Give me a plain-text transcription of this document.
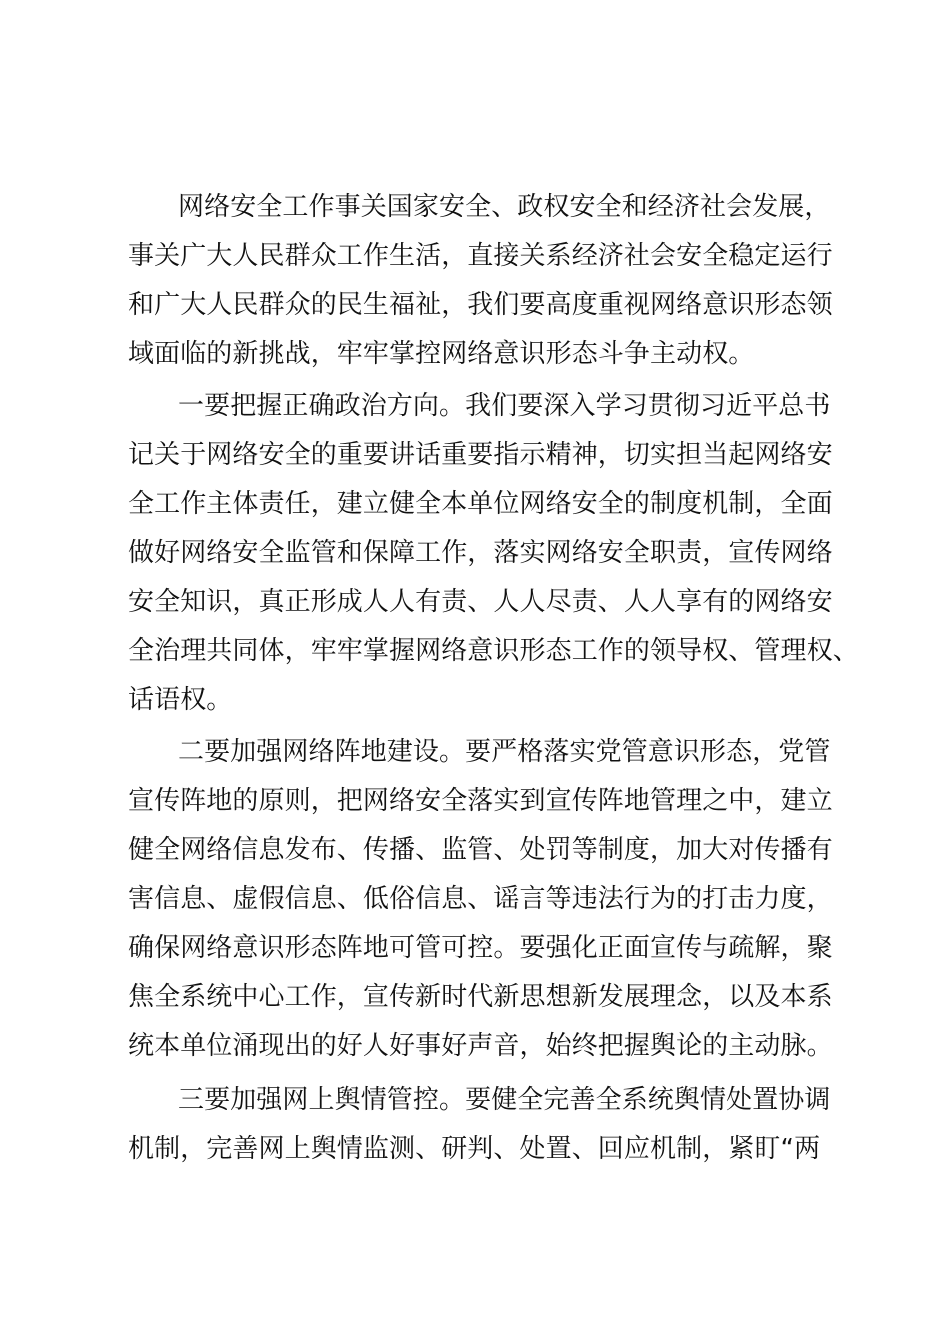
网络安全工作事关国家安全、政权安全和经济社会发展，
事关广大人民群众工作生活，直接关系经济社会安全稳定运行
和广大人民群众的民生福祉，我们要高度重视网络意识形态领
域面临的新挑战，牢牢掌控网络意识形态斗争主动权。
一要把握正确政治方向。我们要深入学习贯彻习近平总书
记关于网络安全的重要讲话重要指示精神，切实担当起网络安
全工作主体责任，建立健全本单位网络安全的制度机制，全面
做好网络安全监管和保障工作，落实网络安全职责，宣传网络
安全知识，真正形成人人有责、人人尽责、人人享有的网络安
全治理共同体，牢牢掌握网络意识形态工作的领导权、管理权、
话语权。
二要加强网络阵地建设。要严格落实党管意识形态，党管
宣传阵地的原则，把网络安全落实到宣传阵地管理之中，建立
健全网络信息发布、传播、监管、处罚等制度，加大对传播有
害信息、虚假信息、低俗信息、谣言等违法行为的打击力度，
确保网络意识形态阵地可管可控。要强化正面宣传与疏解，聚
焦全系统中心工作，宣传新时代新思想新发展理念，以及本系
统本单位涌现出的好人好事好声音，始终把握舆论的主动脉。
三要加强网上舆情管控。要健全完善全系统舆情处置协调
机制，完善网上舆情监测、研判、处置、回应机制，紧盯“两
